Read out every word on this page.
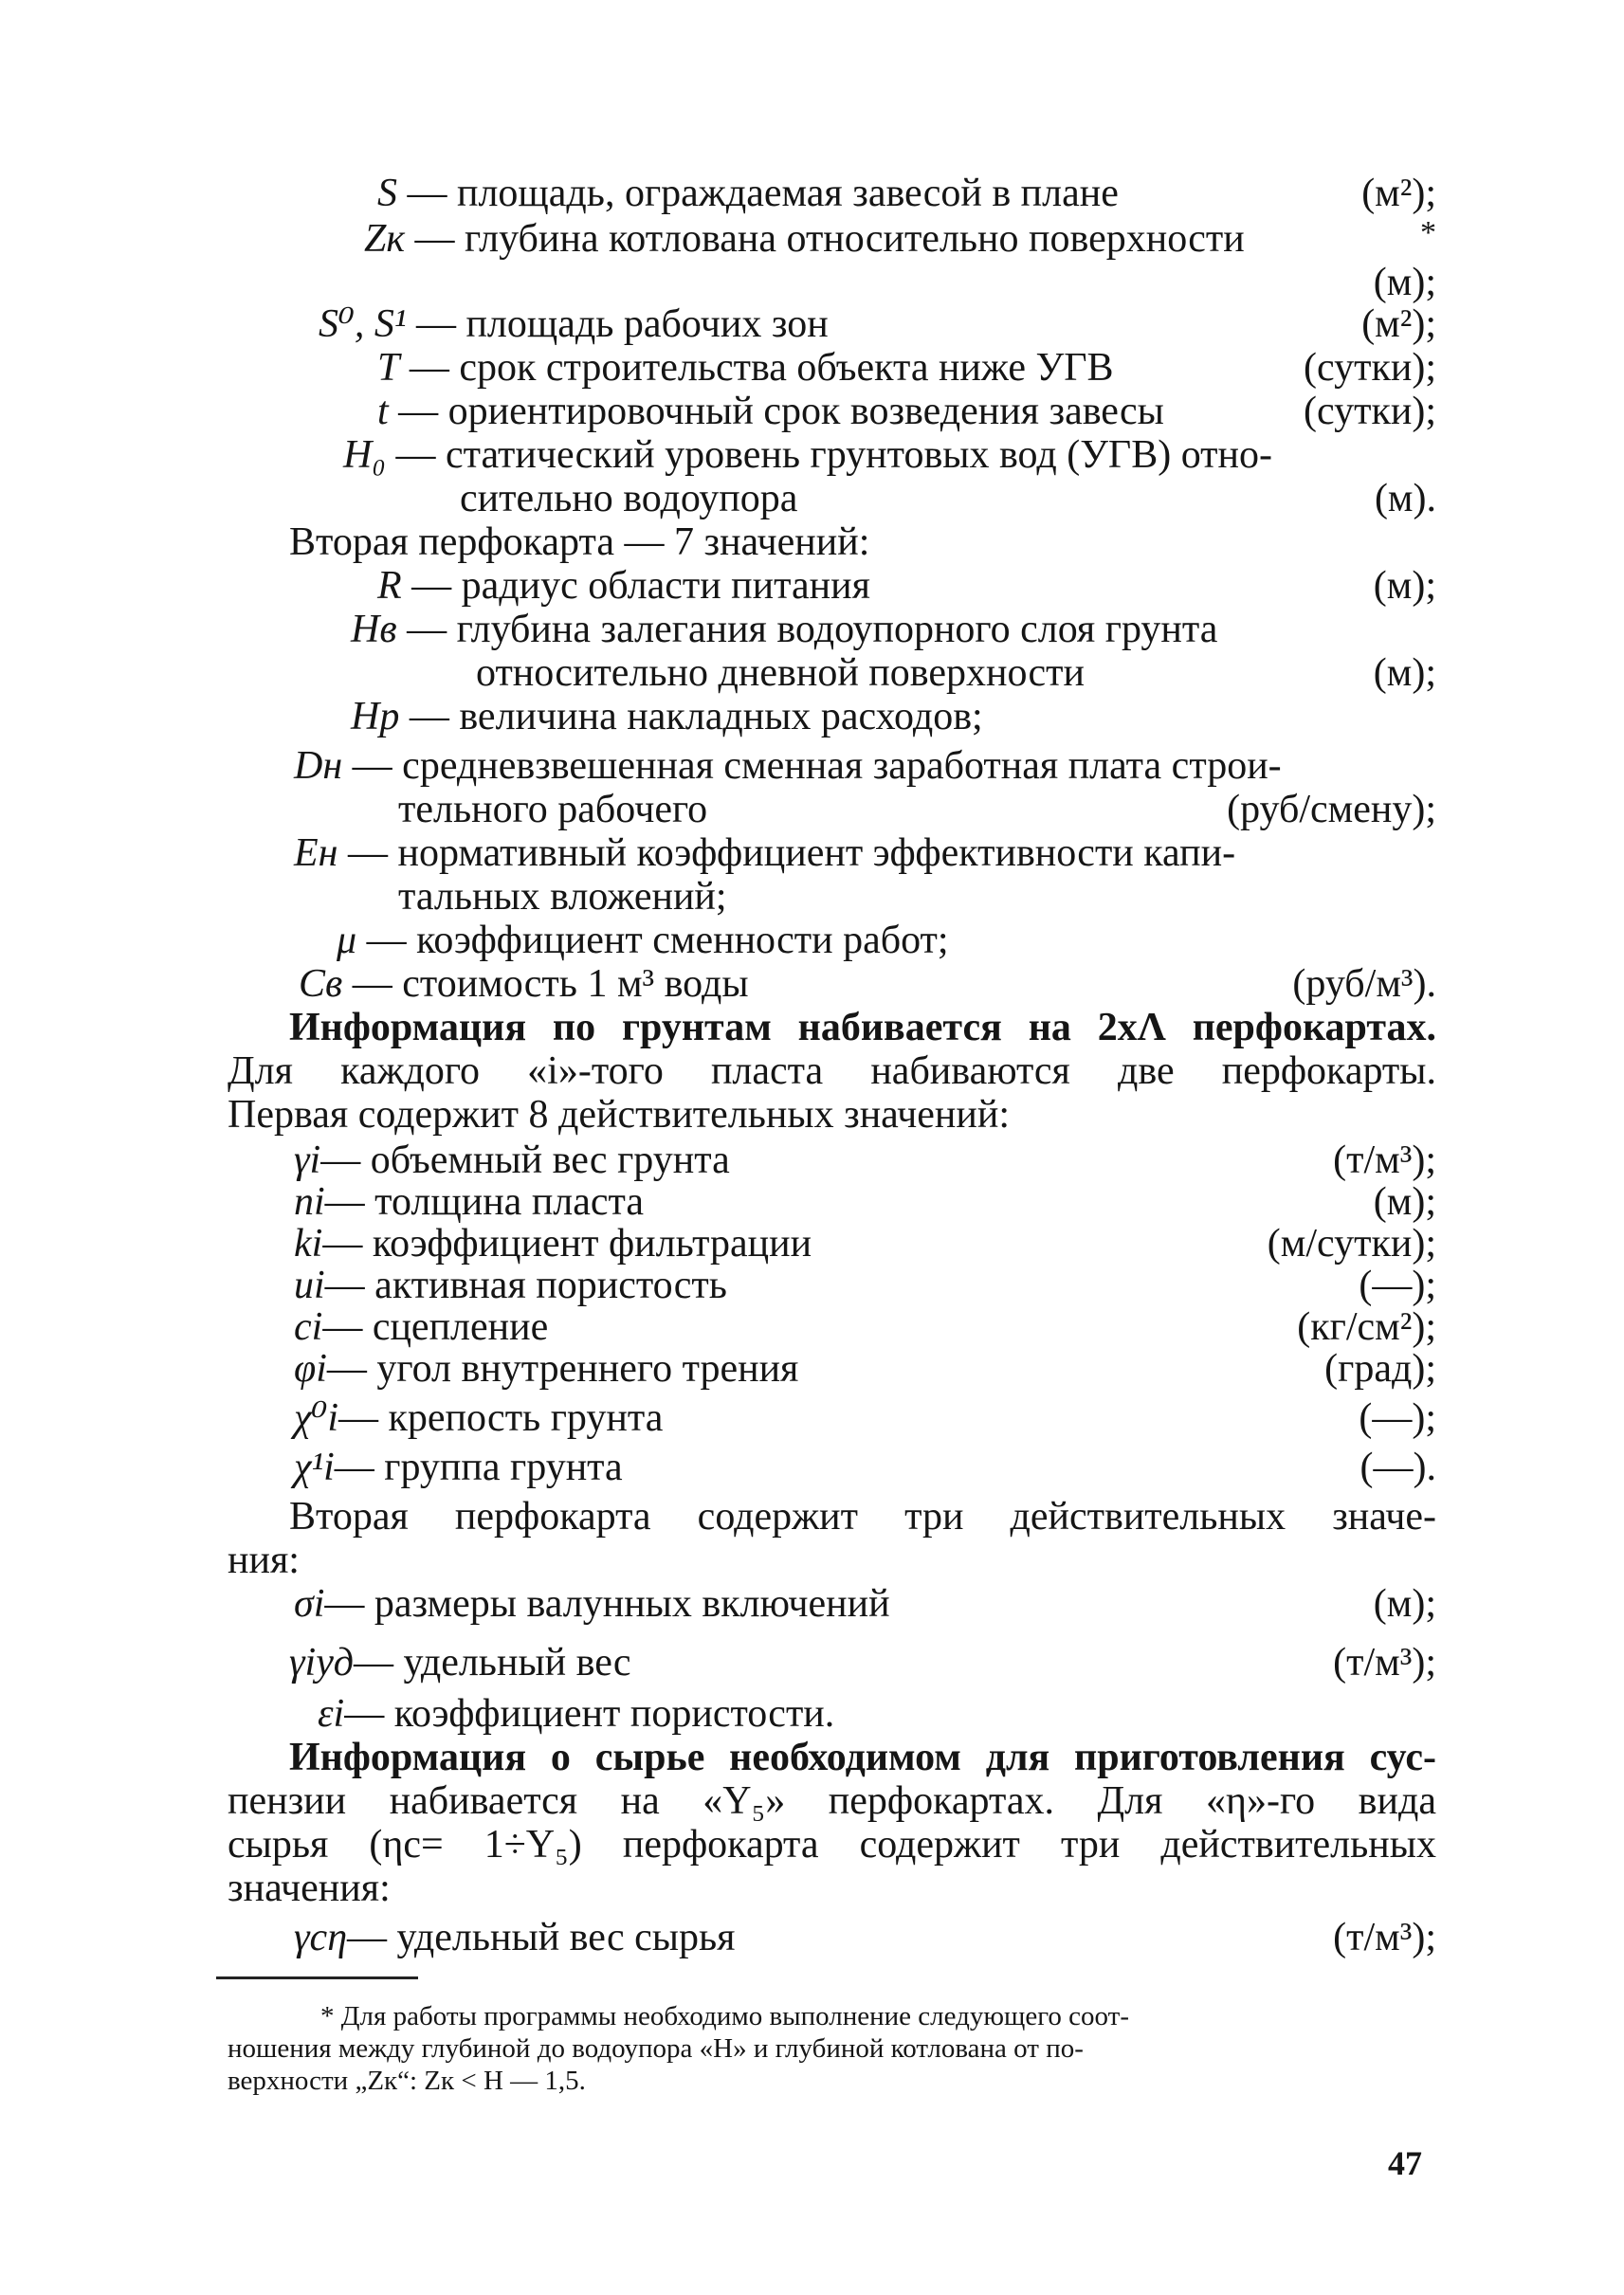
S — площадь, ограждаемая завесой в плане	(м²);
Zк — глубина котлована относительно поверхности	*
(м);
S⁰, S¹ — площадь рабочих зон	(м²);
T — срок строительства объекта ниже УГВ	(сутки);
t — ориентировочный срок возведения завесы	(сутки);
H₀ — статический уровень грунтовых вод (УГВ) отно-
сительно водоупора	(м).
Вторая перфокарта — 7 значений:
R — радиус области питания	(м);
Hв — глубина залегания водоупорного слоя грунта
относительно дневной поверхности	(м);
Hр — величина накладных расходов;
Dн — средневзвешенная сменная заработная плата строи-
тельного рабочего	(руб/смену);
Eн — нормативный коэффициент эффективности капи-
тальных вложений;
μ — коэффициент сменности работ;
Cв — стоимость 1 м³ воды	(руб/м³).
Информация по грунтам набивается на 2хΛ перфокартах.
Для каждого «i»-того пласта набиваются две перфокарты.
Первая содержит 8 действительных значений:
γi— объемный вес грунта	(т/м³);
ni— толщина пласта	(м);
ki— коэффициент фильтрации	(м/сутки);
ui— активная пористость	(—);
ci— сцепление	(кг/см²);
φi— угол внутреннего трения	(град);
χ⁰i— крепость грунта	(—);
χ¹i— группа грунта	(—).
Вторая перфокарта содержит три действительных значе-
ния:
σi— размеры валунных включений	(м);
γiуд— удельный вес	(т/м³);
εi— коэффициент пористости.
Информация о сырье необходимом для приготовления сус-
пензии набивается на «Y₅» перфокартах. Для «η»-го вида
сырья (ηс= 1÷Y₅) перфокарта содержит три действительных
значения:
γсη— удельный вес сырья	(т/м³);
* Для работы программы необходимо выполнение следующего соот-
ношения между глубиной до водоупора «H» и глубиной котлована от по-
верхности „Zк“: Zк < H — 1,5.
47
